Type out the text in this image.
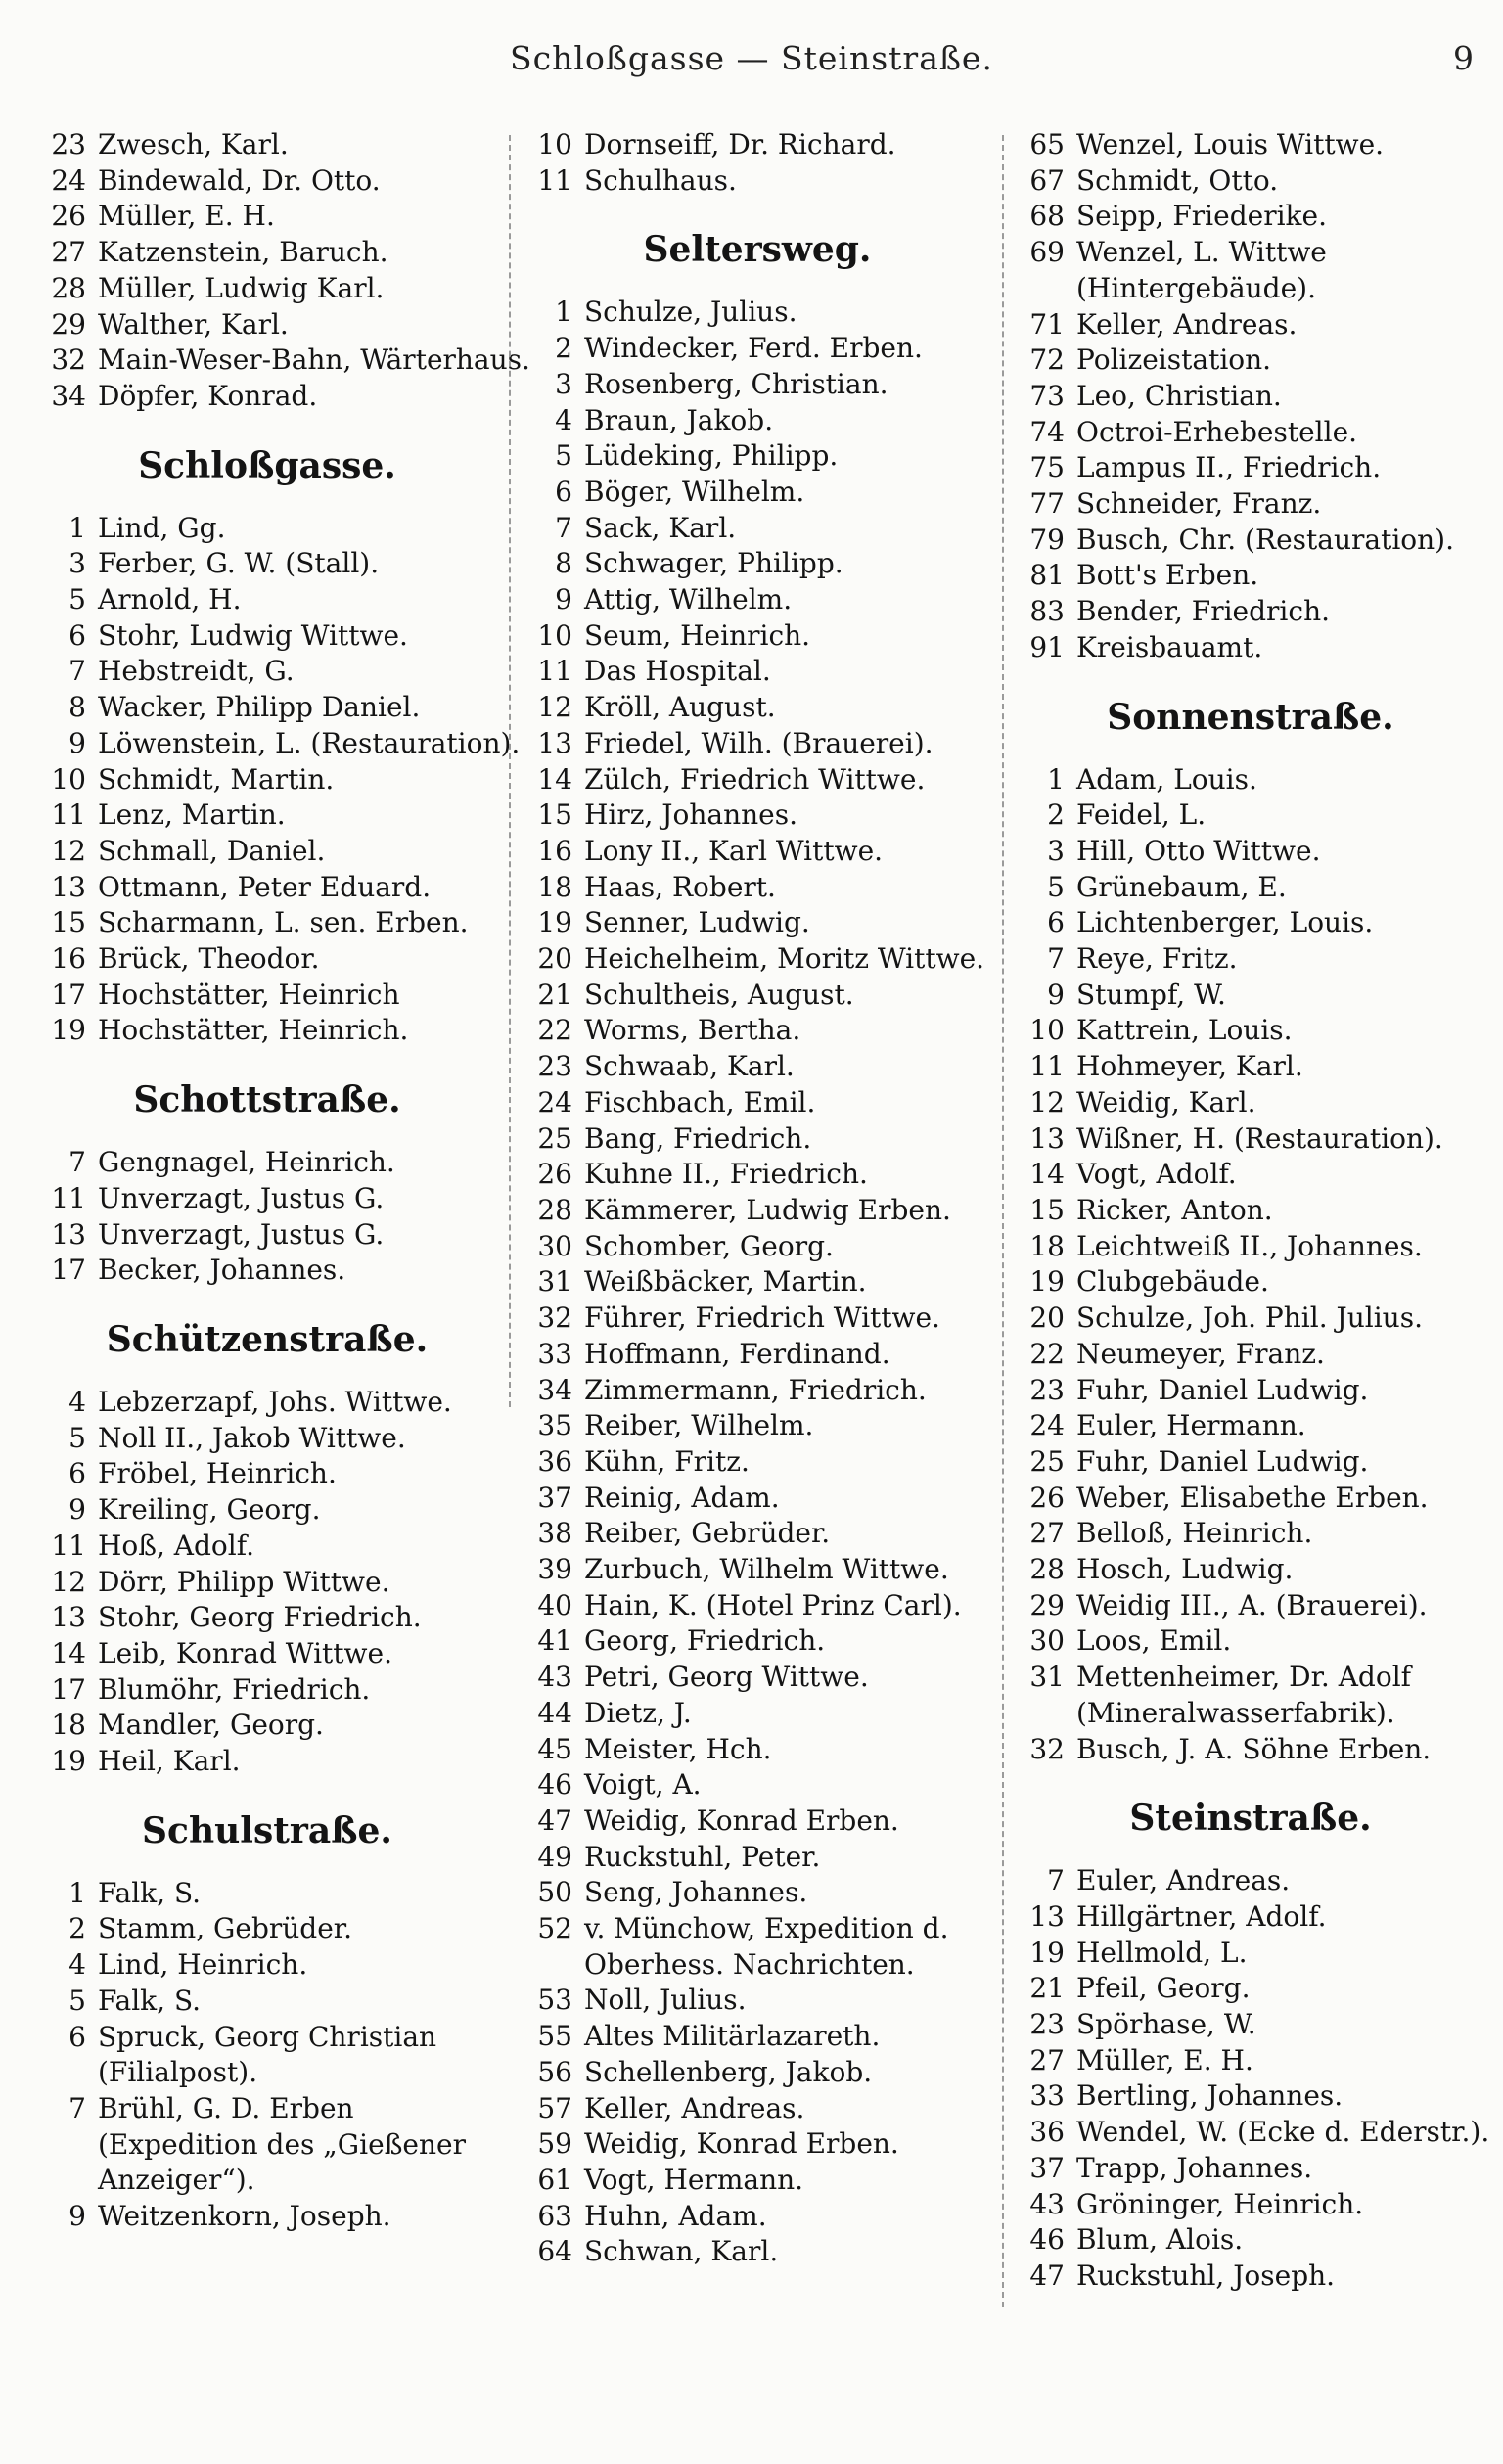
Schloßgasse — Steinstraße.	9
23 Zwesch, Karl.
24 Bindewald, Dr. Otto.
26 Müller, E. H.
27 Katzenstein, Baruch.
28 Müller, Ludwig Karl.
29 Walther, Karl.
32 Main-Weser-Bahn, Wärterhaus.
34 Döpfer, Konrad.
Schloßgasse.
1 Lind, Gg.
3 Ferber, G. W. (Stall).
5 Arnold, H.
6 Stohr, Ludwig Wittwe.
7 Hebstreidt, G.
8 Wacker, Philipp Daniel.
9 Löwenstein, L. (Restauration).
10 Schmidt, Martin.
11 Lenz, Martin.
12 Schmall, Daniel.
13 Ottmann, Peter Eduard.
15 Scharmann, L. sen. Erben.
16 Brück, Theodor.
17 Hochstätter, Heinrich
19 Hochstätter, Heinrich.
Schottstraße.
7 Gengnagel, Heinrich.
11 Unverzagt, Justus G.
13 Unverzagt, Justus G.
17 Becker, Johannes.
Schützenstraße.
4 Lebzerzapf, Johs. Wittwe.
5 Noll II., Jakob Wittwe.
6 Fröbel, Heinrich.
9 Kreiling, Georg.
11 Hoß, Adolf.
12 Dörr, Philipp Wittwe.
13 Stohr, Georg Friedrich.
14 Leib, Konrad Wittwe.
17 Blumöhr, Friedrich.
18 Mandler, Georg.
19 Heil, Karl.
Schulstraße.
1 Falk, S.
2 Stamm, Gebrüder.
4 Lind, Heinrich.
5 Falk, S.
6 Spruck, Georg Christian (Filialpost).
7 Brühl, G. D. Erben (Expedition des „Gießener Anzeiger“).
9 Weitzenkorn, Joseph.
10 Dornseiff, Dr. Richard.
11 Schulhaus.
Seltersweg.
1 Schulze, Julius.
2 Windecker, Ferd. Erben.
3 Rosenberg, Christian.
4 Braun, Jakob.
5 Lüdeking, Philipp.
6 Böger, Wilhelm.
7 Sack, Karl.
8 Schwager, Philipp.
9 Attig, Wilhelm.
10 Seum, Heinrich.
11 Das Hospital.
12 Kröll, August.
13 Friedel, Wilh. (Brauerei).
14 Zülch, Friedrich Wittwe.
15 Hirz, Johannes.
16 Lony II., Karl Wittwe.
18 Haas, Robert.
19 Senner, Ludwig.
20 Heichelheim, Moritz Wittwe.
21 Schultheis, August.
22 Worms, Bertha.
23 Schwaab, Karl.
24 Fischbach, Emil.
25 Bang, Friedrich.
26 Kuhne II., Friedrich.
28 Kämmerer, Ludwig Erben.
30 Schomber, Georg.
31 Weißbäcker, Martin.
32 Führer, Friedrich Wittwe.
33 Hoffmann, Ferdinand.
34 Zimmermann, Friedrich.
35 Reiber, Wilhelm.
36 Kühn, Fritz.
37 Reinig, Adam.
38 Reiber, Gebrüder.
39 Zurbuch, Wilhelm Wittwe.
40 Hain, K. (Hotel Prinz Carl).
41 Georg, Friedrich.
43 Petri, Georg Wittwe.
44 Dietz, J.
45 Meister, Hch.
46 Voigt, A.
47 Weidig, Konrad Erben.
49 Ruckstuhl, Peter.
50 Seng, Johannes.
52 v. Münchow, Expedition d. Oberhess. Nachrichten.
53 Noll, Julius.
55 Altes Militärlazareth.
56 Schellenberg, Jakob.
57 Keller, Andreas.
59 Weidig, Konrad Erben.
61 Vogt, Hermann.
63 Huhn, Adam.
64 Schwan, Karl.
65 Wenzel, Louis Wittwe.
67 Schmidt, Otto.
68 Seipp, Friederike.
69 Wenzel, L. Wittwe (Hintergebäude).
71 Keller, Andreas.
72 Polizeistation.
73 Leo, Christian.
74 Octroi-Erhebestelle.
75 Lampus II., Friedrich.
77 Schneider, Franz.
79 Busch, Chr. (Restauration).
81 Bott's Erben.
83 Bender, Friedrich.
91 Kreisbauamt.
Sonnenstraße.
1 Adam, Louis.
2 Feidel, L.
3 Hill, Otto Wittwe.
5 Grünebaum, E.
6 Lichtenberger, Louis.
7 Reye, Fritz.
9 Stumpf, W.
10 Kattrein, Louis.
11 Hohmeyer, Karl.
12 Weidig, Karl.
13 Wißner, H. (Restauration).
14 Vogt, Adolf.
15 Ricker, Anton.
18 Leichtweiß II., Johannes.
19 Clubgebäude.
20 Schulze, Joh. Phil. Julius.
22 Neumeyer, Franz.
23 Fuhr, Daniel Ludwig.
24 Euler, Hermann.
25 Fuhr, Daniel Ludwig.
26 Weber, Elisabethe Erben.
27 Belloß, Heinrich.
28 Hosch, Ludwig.
29 Weidig III., A. (Brauerei).
30 Loos, Emil.
31 Mettenheimer, Dr. Adolf (Mineralwasserfabrik).
32 Busch, J. A. Söhne Erben.
Steinstraße.
7 Euler, Andreas.
13 Hillgärtner, Adolf.
19 Hellmold, L.
21 Pfeil, Georg.
23 Spörhase, W.
27 Müller, E. H.
33 Bertling, Johannes.
36 Wendel, W. (Ecke d. Ederstr.).
37 Trapp, Johannes.
43 Gröninger, Heinrich.
46 Blum, Alois.
47 Ruckstuhl, Joseph.
